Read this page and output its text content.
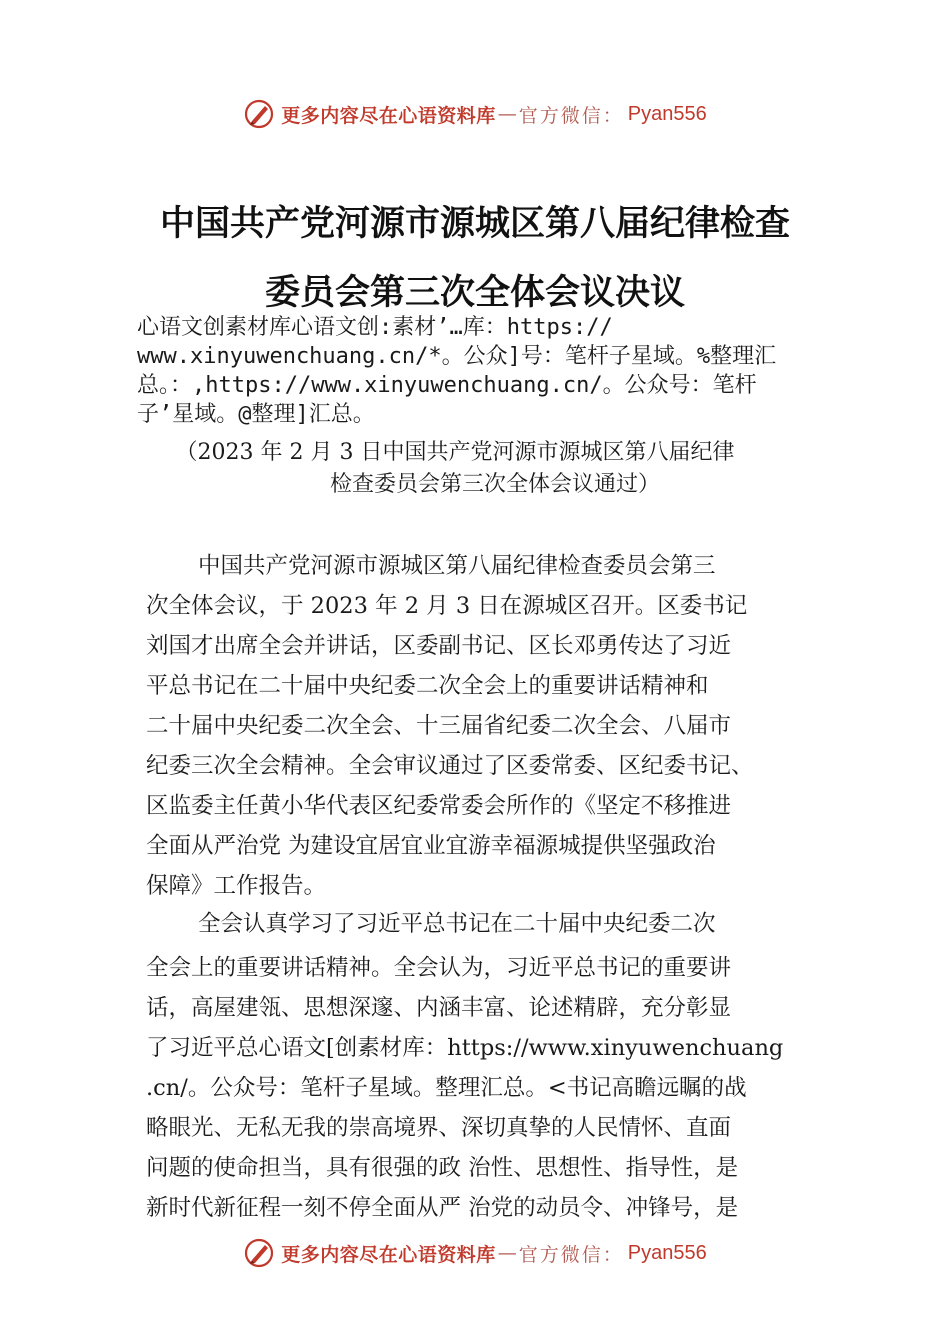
更多内容尽在心语资料库 — 官方微信： Pyan556
中国共产党河源市源城区第八届纪律检查
委员会第三次全体会议决议
心语文创素材库心语文创:素材’…库：https://
www.xinyuwenchuang.cn/*。公众]号：笔杆子星域。%整理汇
总。：,https://www.xinyuwenchuang.cn/。公众号：笔杆
子’星域。@整理]汇总。
（2023 年 2 月 3 日中国共产党河源市源城区第八届纪律
检查委员会第三次全体会议通过）
中国共产党河源市源城区第八届纪律检查委员会第三
次全体会议，于 2023 年 2 月 3 日在源城区召开。区委书记
刘国才出席全会并讲话，区委副书记、区长邓勇传达了习近
平总书记在二十届中央纪委二次全会上的重要讲话精神和
二十届中央纪委二次全会、十三届省纪委二次全会、八届市
纪委三次全会精神。全会审议通过了区委常委、区纪委书记、
区监委主任黄小华代表区纪委常委会所作的《坚定不移推进
全面从严治党 为建设宜居宜业宜游幸福源城提供坚强政治
保障》工作报告。
全会认真学习了习近平总书记在二十届中央纪委二次
全会上的重要讲话精神。全会认为，习近平总书记的重要讲
话，高屋建瓴、思想深邃、内涵丰富、论述精辟，充分彰显
了习近平总心语文[创素材库：https://www.xinyuwenchuang
.cn/。公众号：笔杆子星域。整理汇总。<书记高瞻远瞩的战
略眼光、无私无我的崇高境界、深切真挚的人民情怀、直面
问题的使命担当，具有很强的政 治性、思想性、指导性，是
新时代新征程一刻不停全面从严 治党的动员令、冲锋号，是
更多内容尽在心语资料库 — 官方微信： Pyan556
